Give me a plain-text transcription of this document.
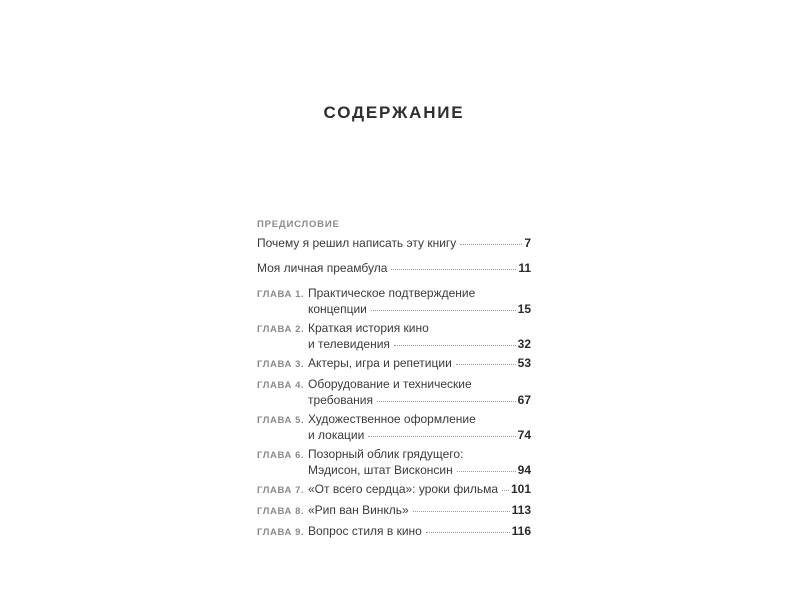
СОДЕРЖАНИЕ
ПРЕДИСЛОВИЕ
Почему я решил написать эту книгу	7
Моя личная преамбула	11
ГЛАВА 1. Практическое подтверждение
концепции	15
ГЛАВА 2. Краткая история кино
и телевидения	32
ГЛАВА 3. Актеры, игра и репетиции	53
ГЛАВА 4. Оборудование и технические
требования	67
ГЛАВА 5. Художественное оформление
и локации	74
ГЛАВА 6. Позорный облик грядущего:
Мэдисон, штат Висконсин	94
ГЛАВА 7. «От всего сердца»: уроки фильма 101
ГЛАВА 8. «Рип ван Винкль»	113
ГЛАВА 9. Вопрос стиля в кино	116
